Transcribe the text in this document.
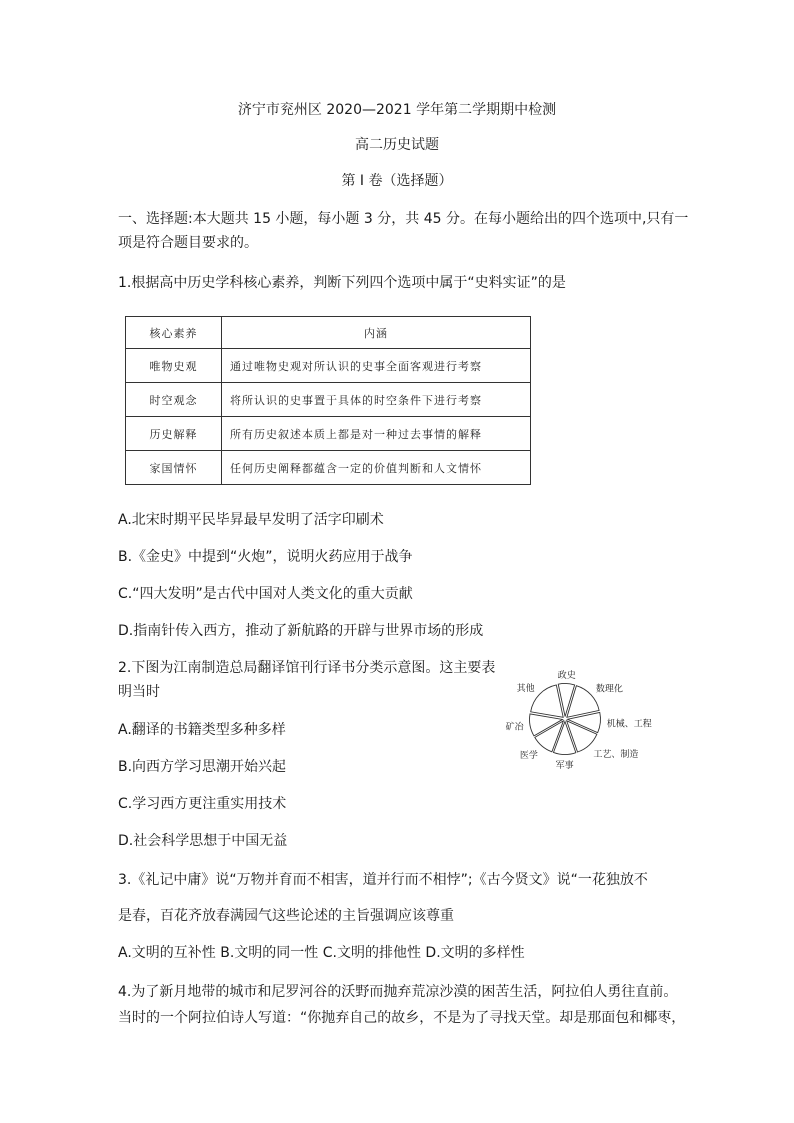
济宁市兖州区 2020—2021 学年第二学期期中检测
高二历史试题
第 I 卷（选择题）
一、选择题:本大题共 15 小题，每小题 3 分，共 45 分。在每小题给出的四个选项中,只有一
项是符合题目要求的。
1.根据高中历史学科核心素养，判断下列四个选项中属于“史料实证”的是
核心素养	内涵
唯物史观	通过唯物史观对所认识的史事全面客观进行考察
时空观念	将所认识的史事置于具体的时空条件下进行考察
历史解释	所有历史叙述本质上都是对一种过去事情的解释
家国情怀	任何历史阐释都蕴含一定的价值判断和人文情怀
A.北宋时期平民毕昇最早发明了活字印刷术
B.《金史》中提到“火炮”，说明火药应用于战争
C.“四大发明”是古代中国对人类文化的重大贡献
D.指南针传入西方，推动了新航路的开辟与世界市场的形成
2.下图为江南制造总局翻译馆刊行译书分类示意图。这主要表
明当时
A.翻译的书籍类型多种多样
B.向西方学习思潮开始兴起
C.学习西方更注重实用技术
D.社会科学思想于中国无益
政史
数理化
机械、工程
工艺、制造
军事
医学
矿冶
其他
3.《礼记中庸》说“万物并育而不相害，道并行而不相悖”;《古今贤文》说“一花独放不
是春，百花齐放春满园气这些论述的主旨强调应该尊重
A.文明的互补性 B.文明的同一性 C.文明的排他性 D.文明的多样性
4.为了新月地带的城市和尼罗河谷的沃野而抛弃荒凉沙漠的困苦生活，阿拉伯人勇往直前。
当时的一个阿拉伯诗人写道：“你抛弃自己的故乡，不是为了寻找天堂。却是那面包和椰枣，
